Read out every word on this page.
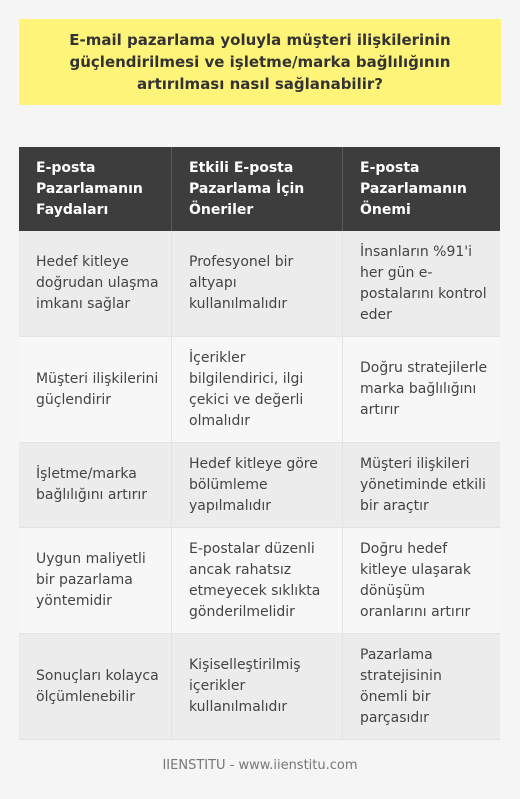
E-mail pazarlama yoluyla müşteri ilişkilerinin güçlendirilmesi ve işletme/marka bağlılığının artırılması nasıl sağlanabilir?
E-posta Pazarlamanın Faydaları
Etkili E-posta Pazarlama İçin Öneriler
E-posta Pazarlamanın Önemi
Hedef kitleye doğrudan ulaşma imkanı sağlar
Profesyonel bir altyapı kullanılmalıdır
İnsanların %91'i her gün e-postalarını kontrol eder
Müşteri ilişkilerini güçlendirir
İçerikler bilgilendirici, ilgi çekici ve değerli olmalıdır
Doğru stratejilerle marka bağlılığını artırır
İşletme/marka bağlılığını artırır
Hedef kitleye göre bölümleme yapılmalıdır
Müşteri ilişkileri yönetiminde etkili bir araçtır
Uygun maliyetli bir pazarlama yöntemidir
E-postalar düzenli ancak rahatsız etmeyecek sıklıkta gönderilmelidir
Doğru hedef kitleye ulaşarak dönüşüm oranlarını artırır
Sonuçları kolayca ölçümlenebilir
Kişiselleştirilmiş içerikler kullanılmalıdır
Pazarlama stratejisinin önemli bir parçasıdır
IIENSTITU - www.iienstitu.com
